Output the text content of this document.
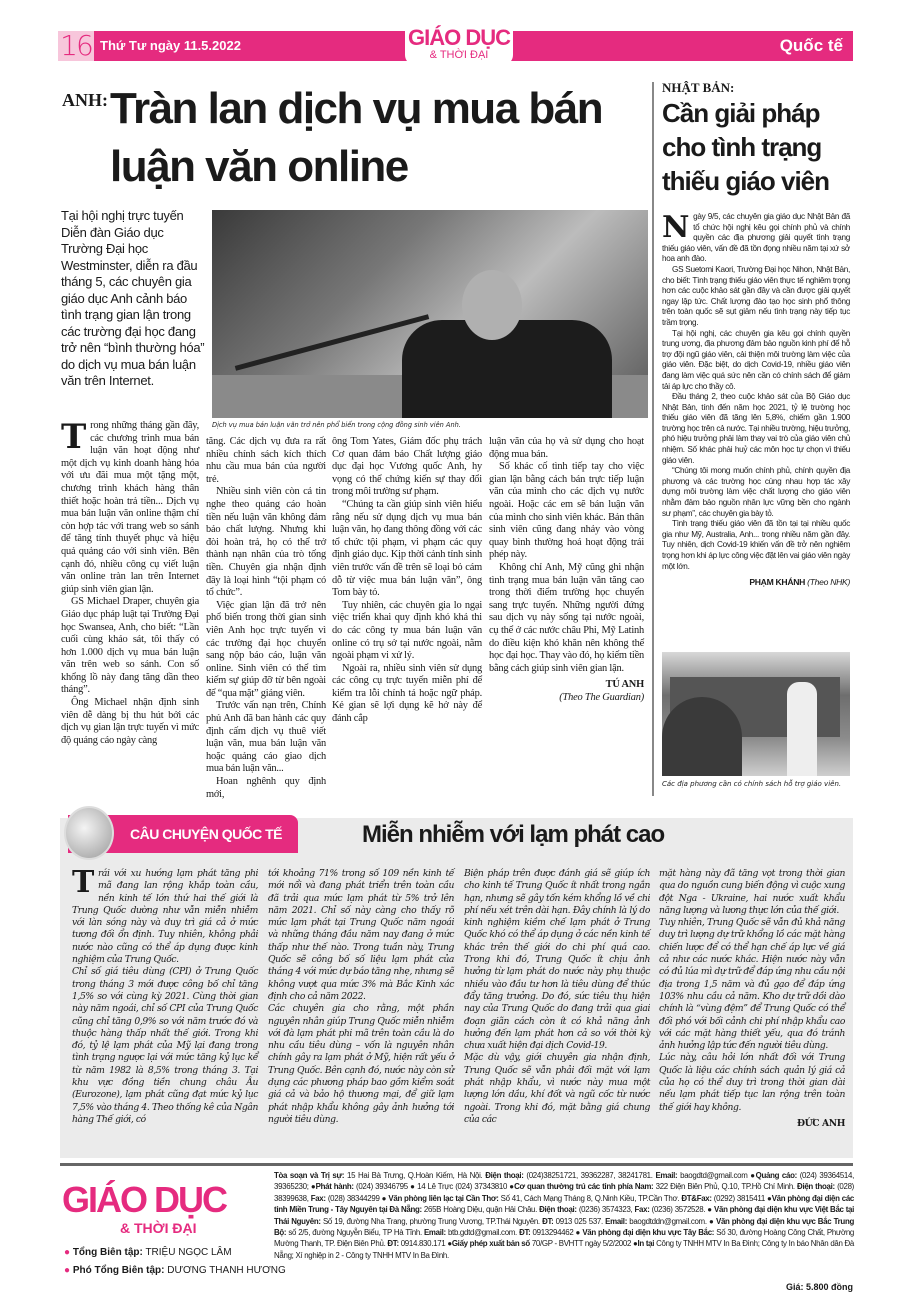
16 Thứ Tư ngày 11.5.2022	GIÁO DỤC
& THỜI ĐẠI	Quốc tế
ANH: Tràn lan dịch vụ mua bán luận văn online
Tại hội nghị trực tuyến Diễn đàn Giáo dục Trường Đại học Westminster, diễn ra đầu tháng 5, các chuyên gia giáo dục Anh cảnh báo tình trạng gian lận trong các trường đại học đang trở nên “bình thường hóa” do dịch vụ mua bán luận văn trên Internet.
Dịch vụ mua bán luận văn trở nên phổ biến trong cộng đồng sinh viên Anh.

Trong những tháng gần đây, các chương trình mua bán luận văn hoạt động như một dịch vụ kinh doanh hàng hóa với ưu đãi mua một tặng một, chương trình khách hàng thân thiết hoặc hoàn trả tiền... Dịch vụ mua bán luận văn online thậm chí còn hợp tác với trang web so sánh để tăng tính thuyết phục và hiệu quả quảng cáo với sinh viên. Bên cạnh đó, nhiều công cụ viết luận văn online tràn lan trên Internet giúp sinh viên gian lận.

GS Michael Draper, chuyên gia Giáo dục pháp luật tại Trường Đại học Swansea, Anh, cho biết: “Lần cuối cùng khảo sát, tôi thấy có hơn 1.000 dịch vụ mua bán luận văn trên web so sánh. Con số khổng lồ này đang tăng dần theo tháng”.

Ông Michael nhận định sinh viên dễ dàng bị thu hút bởi các dịch vụ gian lận trực tuyến vì mức độ quảng cáo ngày càng

tăng. Các dịch vụ đưa ra rất nhiều chính sách kích thích nhu cầu mua bán của người trẻ.

Nhiều sinh viên còn cả tin nghe theo quảng cáo hoàn tiền nếu luận văn không đảm bảo chất lượng. Nhưng khi đòi hoàn trả, họ có thể trở thành nạn nhân của trò tống tiền. Chuyên gia nhận định đây là loại hình “tội phạm có tổ chức”.

Việc gian lận đã trở nên phổ biến trong thời gian sinh viên Anh học trực tuyến vì các trường đại học chuyển sang nộp báo cáo, luận văn online. Sinh viên có thể tìm kiếm sự giúp đỡ từ bên ngoài để “qua mặt” giảng viên.

Trước vấn nạn trên, Chính phủ Anh đã ban hành các quy định cấm dịch vụ thuê viết luận văn, mua bán luận văn hoặc quảng cáo giao dịch mua bán luận văn...

Hoan nghênh quy định mới,

ông Tom Yates, Giám đốc phụ trách Cơ quan đảm bảo Chất lượng giáo dục đại học Vương quốc Anh, hy vọng có thể chứng kiến sự thay đổi trong môi trường sư phạm.

“Chúng ta cần giúp sinh viên hiểu rằng nếu sử dụng dịch vụ mua bán luận văn, họ đang thông đồng với các tổ chức tội phạm, vi phạm các quy định giáo dục. Kịp thời cảnh tỉnh sinh viên trước vấn đề trên sẽ loại bỏ cám dỗ từ việc mua bán luận văn”, ông Tom bày tỏ.

Tuy nhiên, các chuyên gia lo ngại việc triển khai quy định khó khả thi do các công ty mua bán luận văn online có trụ sở tại nước ngoài, nằm ngoài phạm vi xử lý.

Ngoài ra, nhiều sinh viên sử dụng các công cụ trực tuyến miễn phí để kiểm tra lỗi chính tả hoặc ngữ pháp. Kẻ gian sẽ lợi dụng kẽ hở này để đánh cắp

luận văn của họ và sử dụng cho hoạt động mua bán.

Số khác cố tình tiếp tay cho việc gian lận bằng cách bán trực tiếp luận văn của mình cho các dịch vụ nước ngoài. Hoặc các em sẽ bán luận văn của mình cho sinh viên khác. Bản thân sinh viên cũng đang nhảy vào vòng quay bình thường hoá hoạt động trái phép này.

Không chỉ Anh, Mỹ cũng ghi nhận tình trạng mua bán luận văn tăng cao trong thời điểm trường học chuyển sang trực tuyến. Những người đứng sau dịch vụ này sống tại nước ngoài, cụ thể ở các nước châu Phi, Mỹ Latinh do điều kiện khó khăn nên không thể học đại học. Thay vào đó, họ kiếm tiền bằng cách giúp sinh viên gian lận.

TÚ ANH

(Theo The Guardian)

NHẬT BẢN:
Cần giải pháp cho tình trạng thiếu giáo viên

Ngày 9/5, các chuyên gia giáo dục Nhật Bản đã tổ chức hội nghị kêu gọi chính phủ và chính quyền các địa phương giải quyết tình trạng thiếu giáo viên, vấn đề đã tồn đọng nhiều năm tại xứ sở hoa anh đào.

GS Suetomi Kaori, Trường Đại học Nihon, Nhật Bản, cho biết: Tình trạng thiếu giáo viên thực tế nghiêm trọng hơn các cuộc khảo sát gần đây và cần được giải quyết ngay lập tức. Chất lượng đào tạo học sinh phổ thông trên toàn quốc sẽ sụt giảm nếu tình trạng này tiếp tục trầm trọng.

Tại hội nghị, các chuyên gia kêu gọi chính quyền trung ương, địa phương đảm bảo nguồn kinh phí để hỗ trợ đội ngũ giáo viên, cải thiện môi trường làm việc của giáo viên. Đặc biệt, do dịch Covid-19, nhiều giáo viên đang làm việc quá sức nên cần có chính sách để giảm tải áp lực cho thầy cô.

Đầu tháng 2, theo cuộc khảo sát của Bộ Giáo dục Nhật Bản, tính đến năm học 2021, tỷ lệ trường học thiếu giáo viên đã tăng lên 5,8%, chiếm gần 1.900 trường học trên cả nước. Tại nhiều trường, hiệu trưởng, phó hiệu trưởng phải làm thay vai trò của giáo viên chủ nhiệm. Số khác phải huỷ các môn học tự chọn vì thiếu giáo viên.

“Chúng tôi mong muốn chính phủ, chính quyền địa phương và các trường học cùng nhau hợp tác xây dựng môi trường làm việc chất lượng cho giáo viên nhằm đảm bảo nguồn nhân lực vững bền cho ngành sư phạm”, các chuyên gia bày tỏ.

Tình trạng thiếu giáo viên đã tồn tại tại nhiều quốc gia như Mỹ, Australia, Anh... trong nhiều năm gần đây. Tuy nhiên, dịch Covid-19 khiến vấn đề trở nên nghiêm trọng hơn khi áp lực công việc đặt lên vai giáo viên ngày một lớn.

PHẠM KHÁNH (Theo NHK)

Các địa phương cần có chính sách hỗ trợ giáo viên.
CÂU CHUYỆN QUỐC TẾ	Miễn nhiễm với lạm phát cao

Trái với xu hướng lạm phát tăng phi mã đang lan rộng khắp toàn cầu, nền kinh tế lớn thứ hai thế giới là Trung Quốc dường như vẫn miễn nhiễm với làn sóng này và duy trì giá cả ở mức tương đối ổn định. Tuy nhiên, không phải nước nào cũng có thể áp dụng được kinh nghiệm của Trung Quốc.

Chỉ số giá tiêu dùng (CPI) ở Trung Quốc trong tháng 3 mới được công bố chỉ tăng 1,5% so với cùng kỳ 2021. Cùng thời gian này năm ngoái, chỉ số CPI của Trung Quốc cũng chỉ tăng 0,9% so với năm trước đó và thuộc hàng thấp nhất thế giới. Trong khi đó, tỷ lệ lạm phát của Mỹ lại đang trong tình trạng ngược lại với mức tăng kỷ lục kể từ năm 1982 là 8,5% trong tháng 3. Tại khu vực đồng tiền chung châu Âu (Eurozone), lạm phát cũng đạt mức kỷ lục 7,5% vào tháng 4. Theo thống kê của Ngân hàng Thế giới, có

tới khoảng 71% trong số 109 nền kinh tế mới nổi và đang phát triển trên toàn cầu đã trải qua mức lạm phát từ 5% trở lên năm 2021. Chỉ số này càng cho thấy rõ mức lạm phát tại Trung Quốc năm ngoái và những tháng đầu năm nay đang ở mức thấp như thế nào. Trong tuần này, Trung Quốc sẽ công bố số liệu lạm phát của tháng 4 với mức dự báo tăng nhẹ, nhưng sẽ không vượt qua mức 3% mà Bắc Kinh xác định cho cả năm 2022.

Các chuyên gia cho rằng, một phần nguyên nhân giúp Trung Quốc miễn nhiễm với đà lạm phát phi mã trên toàn cầu là do nhu cầu tiêu dùng – vốn là nguyên nhân chính gây ra lạm phát ở Mỹ, hiện rất yếu ở Trung Quốc. Bên cạnh đó, nước này còn sử dụng các phương pháp bao gồm kiểm soát giá cả và bảo hộ thương mại, để giữ lạm phát nhập khẩu không gây ảnh hưởng tới người tiêu dùng.

Biện pháp trên được đánh giá sẽ giúp ích cho kinh tế Trung Quốc ít nhất trong ngắn hạn, nhưng sẽ gây tốn kém khổng lồ về chi phí nếu xét trên dài hạn. Đây chính là lý do kinh nghiệm kiềm chế lạm phát ở Trung Quốc khó có thể áp dụng ở các nền kinh tế khác trên thế giới do chi phí quá cao. Trong khi đó, Trung Quốc ít chịu ảnh hưởng từ lạm phát do nước này phụ thuộc nhiều vào đầu tư hơn là tiêu dùng để thúc đẩy tăng trưởng. Do đó, sức tiêu thụ hiện nay của Trung Quốc do đang trải qua giai đoạn giãn cách còn ít có khả năng ảnh hưởng đến lạm phát hơn cả so với thời kỳ chưa xuất hiện đại dịch Covid-19.

Mặc dù vậy, giới chuyên gia nhận định, Trung Quốc sẽ vẫn phải đối mặt với lạm phát nhập khẩu, vì nước này mua một lượng lớn dầu, khí đốt và ngũ cốc từ nước ngoài. Trong khi đó, mặt bằng giá chung của các

mặt hàng này đã tăng vọt trong thời gian qua do nguồn cung biến động vì cuộc xung đột Nga - Ukraine, hai nước xuất khẩu năng lượng và lương thực lớn của thế giới.

Tuy nhiên, Trung Quốc sẽ vẫn đủ khả năng duy trì lượng dự trữ khổng lồ các mặt hàng chiến lược để có thể hạn chế áp lực về giá cả như các nước khác. Hiện nước này vẫn có đủ lúa mì dự trữ để đáp ứng nhu cầu nội địa trong 1,5 năm và đủ gạo để đáp ứng 103% nhu cầu cả năm. Kho dự trữ dồi dào chính là “vùng đệm” để Trung Quốc có thể đối phó với bối cảnh chi phí nhập khẩu cao với các mặt hàng thiết yếu, qua đó tránh ảnh hưởng lập tức đến người tiêu dùng.

Lúc này, câu hỏi lớn nhất đối với Trung Quốc là liệu các chính sách quản lý giá cả của họ có thể duy trì trong thời gian dài nếu lạm phát tiếp tục lan rộng trên toàn thế giới hay không.

ĐỨC ANH

GIÁO DỤC
& THỜI ĐẠI
● Tổng Biên tập: TRIỆU NGỌC LÂM
● Phó Tổng Biên tập: DƯƠNG THANH HƯƠNG
Tòa soạn và Trị sự: 15 Hai Bà Trưng, Q.Hoàn Kiếm, Hà Nội. Điện thoại: (024)38251721, 39362287, 38241781. Email: baogdtd@gmail.com ●Quảng cáo: (024) 39364514, 39365230; ●Phát hành: (024) 39346795 ● 14 Lê Trực (024) 37343810 ●Cơ quan thường trú các tỉnh phía Nam: 322 Điện Biên Phủ, Q.10, TP.Hồ Chí Minh. Điện thoại: (028) 38399638, Fax: (028) 38344299 ● Văn phòng liên lạc tại Cần Thơ: Số 41, Cách Mạng Tháng 8, Q.Ninh Kiều, TP.Cần Thơ. ĐT&Fax: (0292) 3815411 ●Văn phòng đại diện các tỉnh Miền Trung - Tây Nguyên tại Đà Nẵng: 265B Hoàng Diệu, quận Hải Châu. Điện thoại: (0236) 3574323, Fax: (0236) 3572528. ● Văn phòng đại diện khu vực Việt Bắc tại Thái Nguyên: Số 19, đường Nha Trang, phường Trung Vương, TP.Thái Nguyên. ĐT: 0913 025 537. Email: baogdtddn@gmail.com. ● Văn phòng đại diện khu vực Bắc Trung Bộ: số 2/5, đường Nguyễn Biểu, TP Hà Tĩnh. Email: btb.gdtd@gmail.com. ĐT: 0913294462 ● Văn phòng đại diện khu vực Tây Bắc: Số 30, đường Hoàng Công Chất, Phường Mường Thanh, TP. Điện Biên Phủ. ĐT: 0914.830.171 ●Giấy phép xuất bản số 70/GP - BVHTT ngày 5/2/2002 ●In tại Công ty TNHH MTV In Ba Đình; Công ty In báo Nhân dân Đà Nẵng; Xí nghiệp in 2 - Công ty TNHH MTV In Ba Đình.
Giá: 5.800 đồng
